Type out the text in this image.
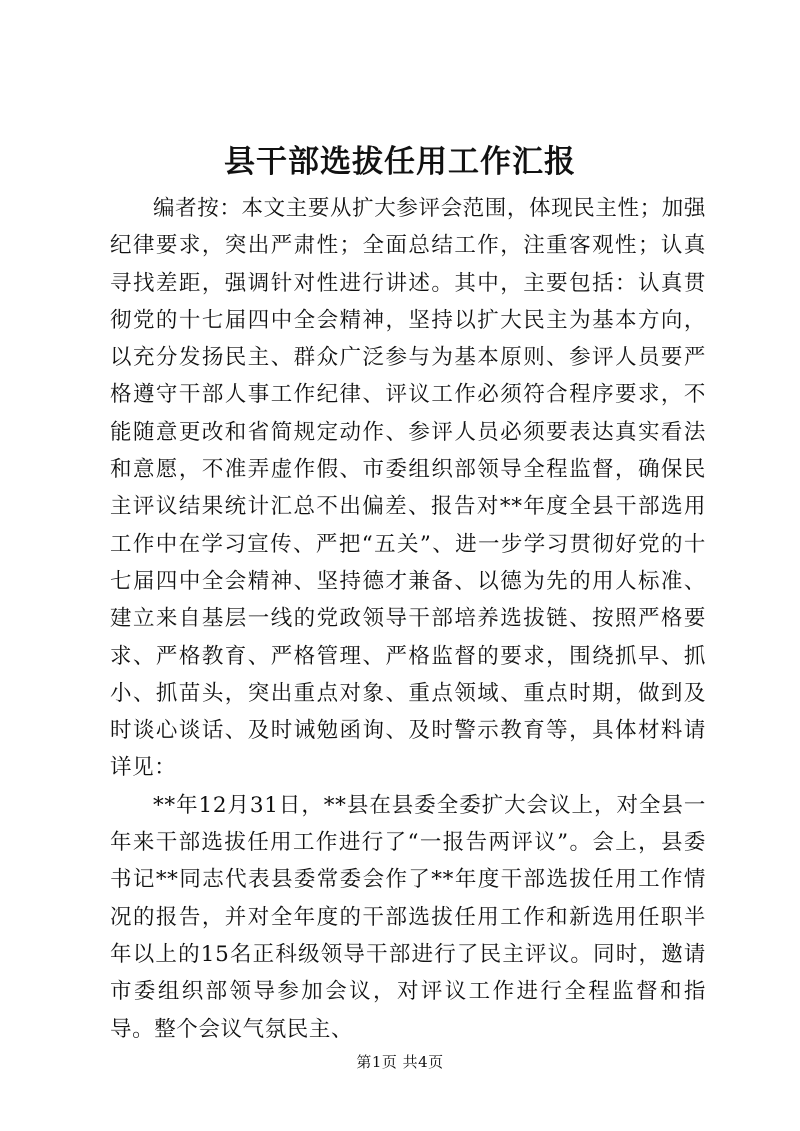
县干部选拔任用工作汇报

编者按：本文主要从扩大参评会范围，体现民主性；加强纪律要求，突出严肃性；全面总结工作，注重客观性；认真寻找差距，强调针对性进行讲述。其中，主要包括：认真贯彻党的十七届四中全会精神，坚持以扩大民主为基本方向，以充分发扬民主、群众广泛参与为基本原则、参评人员要严格遵守干部人事工作纪律、评议工作必须符合程序要求，不能随意更改和省简规定动作、参评人员必须要表达真实看法和意愿，不准弄虚作假、市委组织部领导全程监督，确保民主评议结果统计汇总不出偏差、报告对**年度全县干部选用工作中在学习宣传、严把“五关”、进一步学习贯彻好党的十七届四中全会精神、坚持德才兼备、以德为先的用人标准、建立来自基层一线的党政领导干部培养选拔链、按照严格要求、严格教育、严格管理、严格监督的要求，围绕抓早、抓小、抓苗头，突出重点对象、重点领域、重点时期，做到及时谈心谈话、及时诫勉函询、及时警示教育等，具体材料请详见：

**年12月31日，**县在县委全委扩大会议上，对全县一年来干部选拔任用工作进行了“一报告两评议”。会上，县委书记**同志代表县委常委会作了**年度干部选拔任用工作情况的报告，并对全年度的干部选拔任用工作和新选用任职半年以上的15名正科级领导干部进行了民主评议。同时，邀请市委组织部领导参加会议，对评议工作进行全程监督和指导。整个会议气氛民主、

第1页 共4页
